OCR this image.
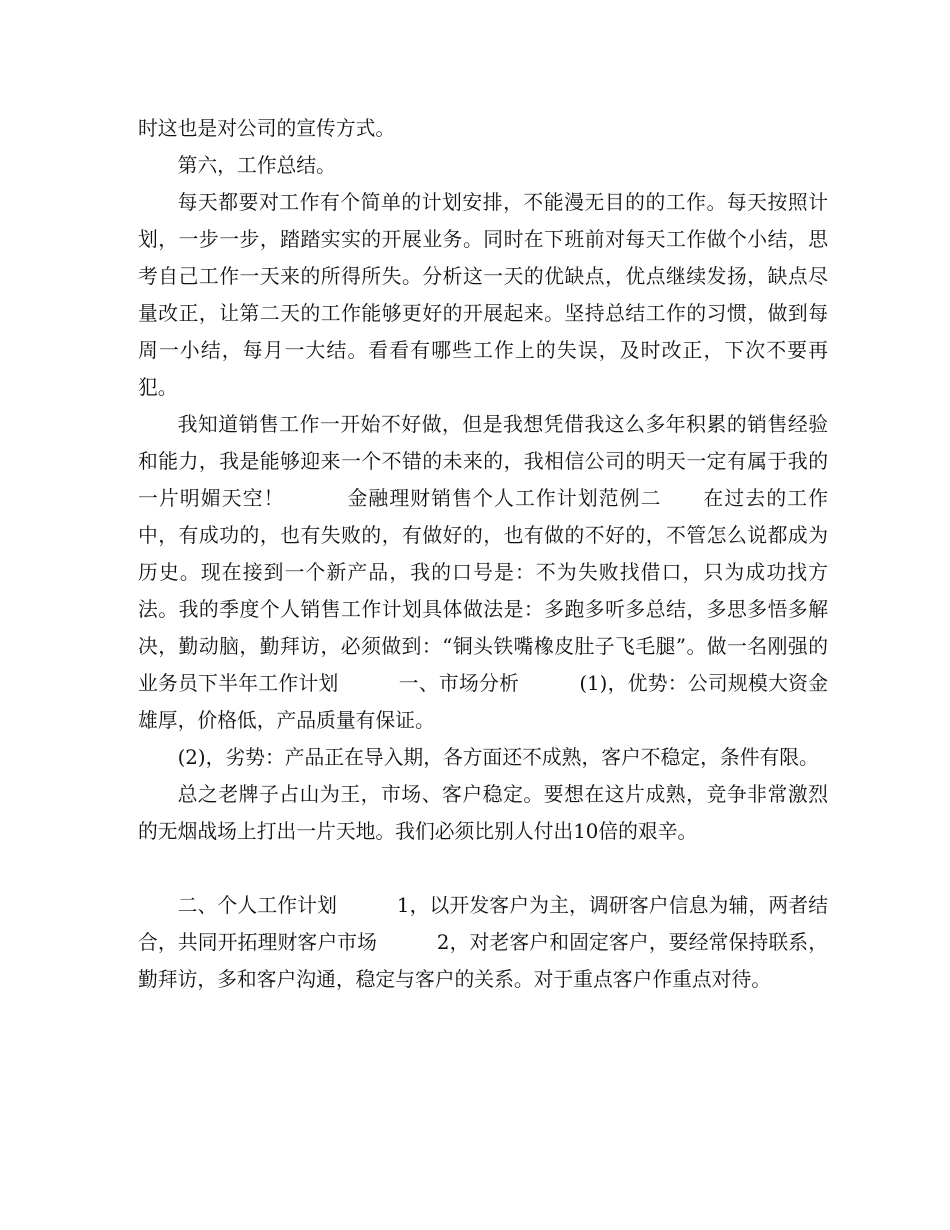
时这也是对公司的宣传方式。

第六，工作总结。

每天都要对工作有个简单的计划安排，不能漫无目的的工作。每天按照计划，一步一步，踏踏实实的开展业务。同时在下班前对每天工作做个小结，思考自己工作一天来的所得所失。分析这一天的优缺点，优点继续发扬，缺点尽量改正，让第二天的工作能够更好的开展起来。坚持总结工作的习惯，做到每周一小结，每月一大结。看看有哪些工作上的失误，及时改正，下次不要再犯。

我知道销售工作一开始不好做，但是我想凭借我这么多年积累的销售经验和能力，我是能够迎来一个不错的未来的，我相信公司的明天一定有属于我的一片明媚天空！　　　金融理财销售个人工作计划范例二　　在过去的工作中，有成功的，也有失败的，有做好的，也有做的不好的，不管怎么说都成为历史。现在接到一个新产品，我的口号是：不为失败找借口，只为成功找方法。我的季度个人销售工作计划具体做法是：多跑多听多总结，多思多悟多解决，勤动脑，勤拜访，必须做到：“铜头铁嘴橡皮肚子飞毛腿”。做一名刚强的业务员下半年工作计划　　　一、市场分析　　　(1)，优势：公司规模大资金雄厚，价格低，产品质量有保证。

(2)，劣势：产品正在导入期，各方面还不成熟，客户不稳定，条件有限。

总之老牌子占山为王，市场、客户稳定。要想在这片成熟，竞争非常激烈的无烟战场上打出一片天地。我们必须比别人付出10倍的艰辛。

二、个人工作计划　　　1，以开发客户为主，调研客户信息为辅，两者结合，共同开拓理财客户市场　　　2，对老客户和固定客户，要经常保持联系，勤拜访，多和客户沟通，稳定与客户的关系。对于重点客户作重点对待。
